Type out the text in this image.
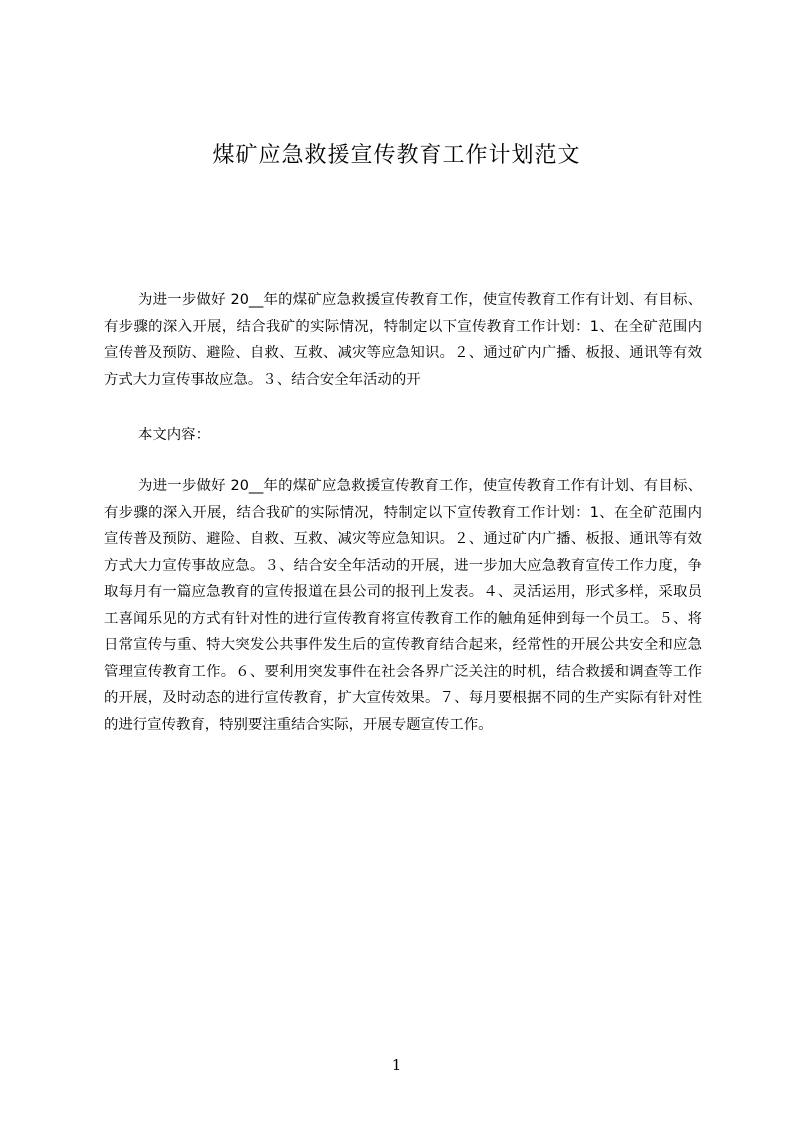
煤矿应急救援宣传教育工作计划范文

为进一步做好 20__年的煤矿应急救援宣传教育工作，使宣传教育工作有计划、有目标、有步骤的深入开展，结合我矿的实际情况，特制定以下宣传教育工作计划：1、在全矿范围内宣传普及预防、避险、自救、互救、减灾等应急知识。２、通过矿内广播、板报、通讯等有效方式大力宣传事故应急。３、结合安全年活动的开

本文内容：

为进一步做好 20__年的煤矿应急救援宣传教育工作，使宣传教育工作有计划、有目标、有步骤的深入开展，结合我矿的实际情况，特制定以下宣传教育工作计划：1、在全矿范围内宣传普及预防、避险、自救、互救、减灾等应急知识。２、通过矿内广播、板报、通讯等有效方式大力宣传事故应急。３、结合安全年活动的开展，进一步加大应急教育宣传工作力度，争取每月有一篇应急教育的宣传报道在县公司的报刊上发表。４、灵活运用，形式多样，采取员工喜闻乐见的方式有针对性的进行宣传教育将宣传教育工作的触角延伸到每一个员工。５、将日常宣传与重、特大突发公共事件发生后的宣传教育结合起来，经常性的开展公共安全和应急管理宣传教育工作。６、要利用突发事件在社会各界广泛关注的时机，结合救援和调查等工作的开展，及时动态的进行宣传教育，扩大宣传效果。７、每月要根据不同的生产实际有针对性的进行宣传教育，特别要注重结合实际，开展专题宣传工作。

1
